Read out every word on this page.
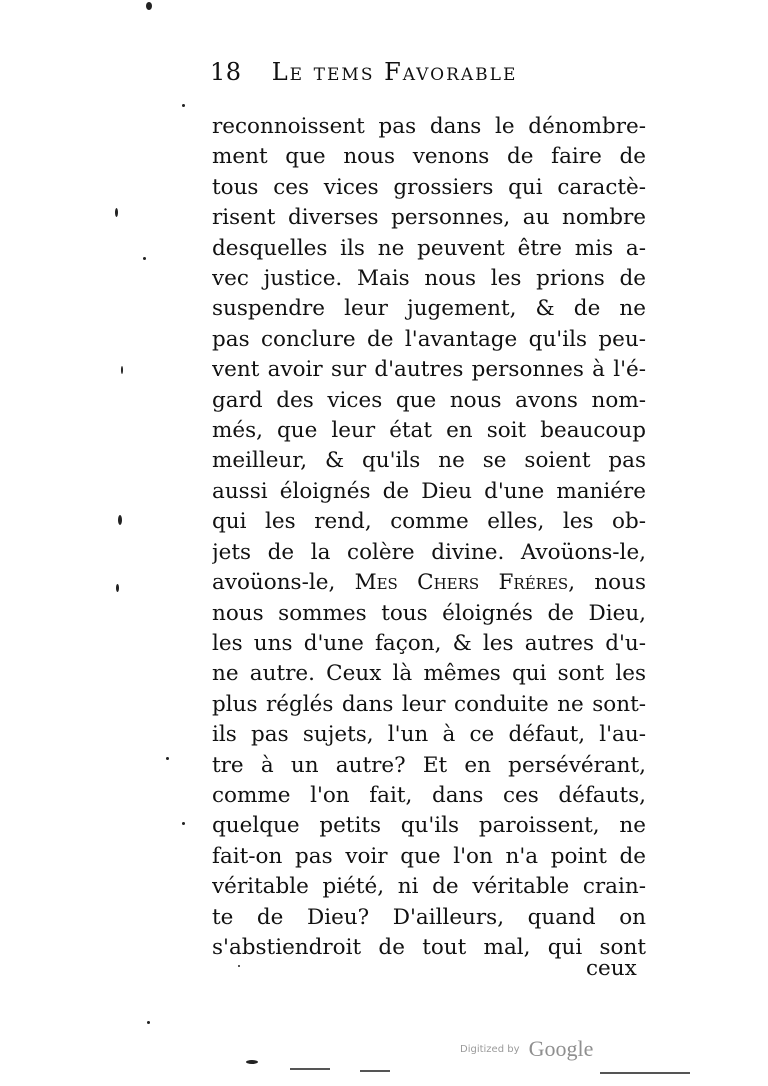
18 Le tems Favorable
reconnoissent pas dans le dénombre-
ment que nous venons de faire de
tous ces vices grossiers qui caractè-
risent diverses personnes, au nombre
desquelles ils ne peuvent être mis a-
vec justice. Mais nous les prions de
suspendre leur jugement, & de ne
pas conclure de l'avantage qu'ils peu-
vent avoir sur d'autres personnes à l'é-
gard des vices que nous avons nom-
més, que leur état en soit beaucoup
meilleur, & qu'ils ne se soient pas
aussi éloignés de Dieu d'une maniére
qui les rend, comme elles, les ob-
jets de la colère divine. Avoüons-le,
avoüons-le, Mes Chers Fréres, nous
nous sommes tous éloignés de Dieu,
les uns d'une façon, & les autres d'u-
ne autre. Ceux là mêmes qui sont les
plus réglés dans leur conduite ne sont-
ils pas sujets, l'un à ce défaut, l'au-
tre à un autre? Et en persévérant,
comme l'on fait, dans ces défauts,
quelque petits qu'ils paroissent, ne
fait-on pas voir que l'on n'a point de
véritable piété, ni de véritable crain-
te de Dieu? D'ailleurs, quand on
s'abstiendroit de tout mal, qui sont
ceux
Digitized by Google
